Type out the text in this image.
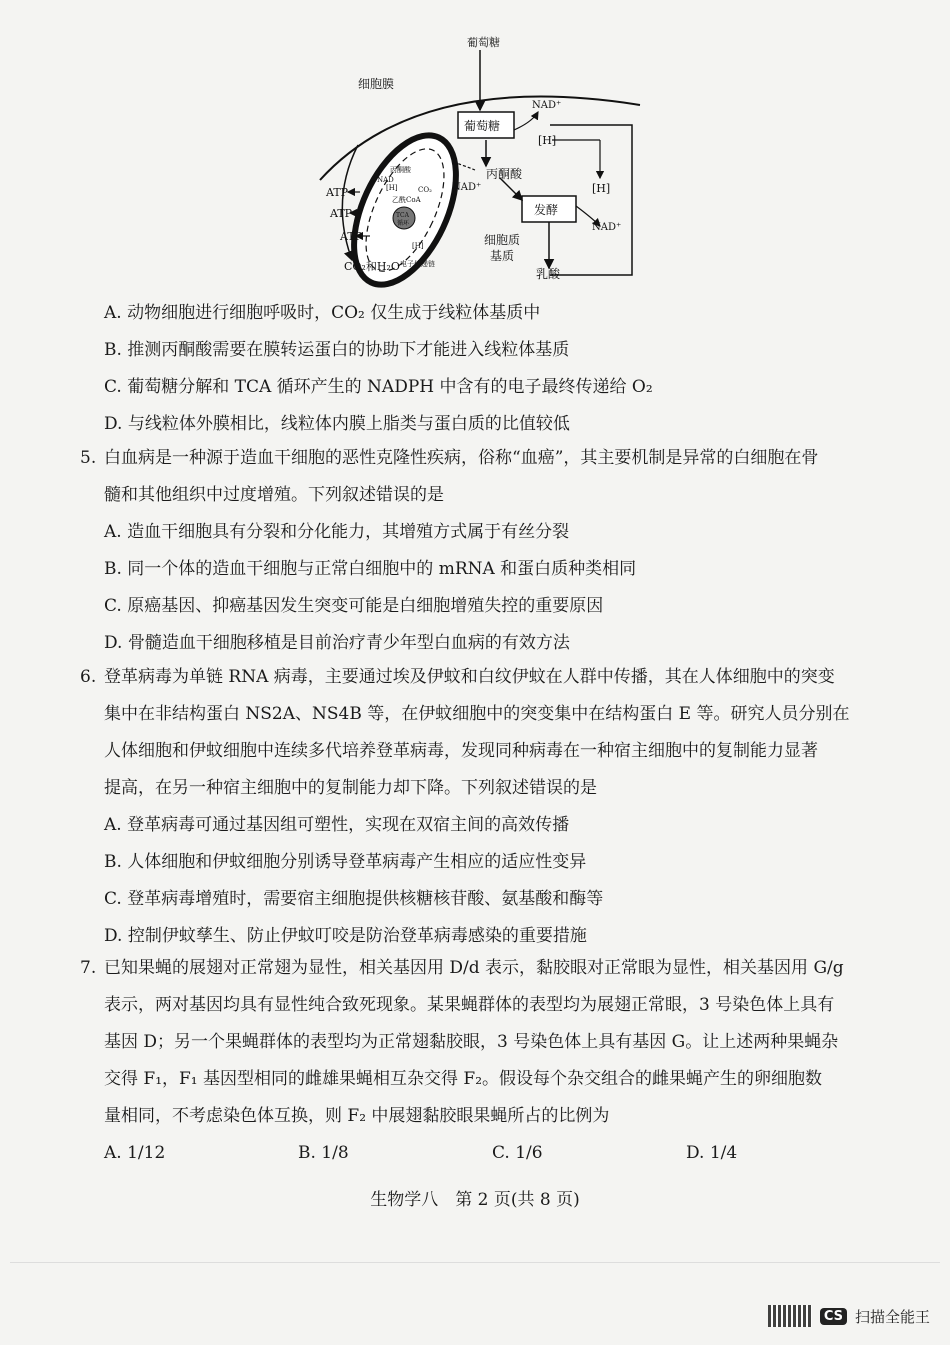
葡萄糖
细胞膜
葡萄糖
NAD⁺
[H]
丙酮酸
NAD⁺	[H]
发酵
NAD⁺
细胞质
基质
乳酸
ATP
ATP
ATP
CO₂和H₂O
丙酮酸
NAD
[H]	CO₂
乙酰CoA
TCA
循环
[H]
电子传递链
A. 动物细胞进行细胞呼吸时，CO₂ 仅生成于线粒体基质中
B. 推测丙酮酸需要在膜转运蛋白的协助下才能进入线粒体基质
C. 葡萄糖分解和 TCA 循环产生的 NADPH 中含有的电子最终传递给 O₂
D. 与线粒体外膜相比，线粒体内膜上脂类与蛋白质的比值较低
5. 白血病是一种源于造血干细胞的恶性克隆性疾病，俗称“血癌”，其主要机制是异常的白细胞在骨
髓和其他组织中过度增殖。下列叙述错误的是
A. 造血干细胞具有分裂和分化能力，其增殖方式属于有丝分裂
B. 同一个体的造血干细胞与正常白细胞中的 mRNA 和蛋白质种类相同
C. 原癌基因、抑癌基因发生突变可能是白细胞增殖失控的重要原因
D. 骨髓造血干细胞移植是目前治疗青少年型白血病的有效方法
6. 登革病毒为单链 RNA 病毒，主要通过埃及伊蚊和白纹伊蚊在人群中传播，其在人体细胞中的突变
集中在非结构蛋白 NS2A、NS4B 等，在伊蚊细胞中的突变集中在结构蛋白 E 等。研究人员分别在
人体细胞和伊蚊细胞中连续多代培养登革病毒，发现同种病毒在一种宿主细胞中的复制能力显著
提高，在另一种宿主细胞中的复制能力却下降。下列叙述错误的是
A. 登革病毒可通过基因组可塑性，实现在双宿主间的高效传播
B. 人体细胞和伊蚊细胞分别诱导登革病毒产生相应的适应性变异
C. 登革病毒增殖时，需要宿主细胞提供核糖核苷酸、氨基酸和酶等
D. 控制伊蚊孳生、防止伊蚊叮咬是防治登革病毒感染的重要措施
7. 已知果蝇的展翅对正常翅为显性，相关基因用 D/d 表示，黏胶眼对正常眼为显性，相关基因用 G/g
表示，两对基因均具有显性纯合致死现象。某果蝇群体的表型均为展翅正常眼，3 号染色体上具有
基因 D；另一个果蝇群体的表型均为正常翅黏胶眼，3 号染色体上具有基因 G。让上述两种果蝇杂
交得 F₁，F₁ 基因型相同的雌雄果蝇相互杂交得 F₂。假设每个杂交组合的雌果蝇产生的卵细胞数
量相同，不考虑染色体互换，则 F₂ 中展翅黏胶眼果蝇所占的比例为
A. 1/12	B. 1/8	C. 1/6	D. 1/4
生物学八　第 2 页(共 8 页)
CS 扫描全能王
